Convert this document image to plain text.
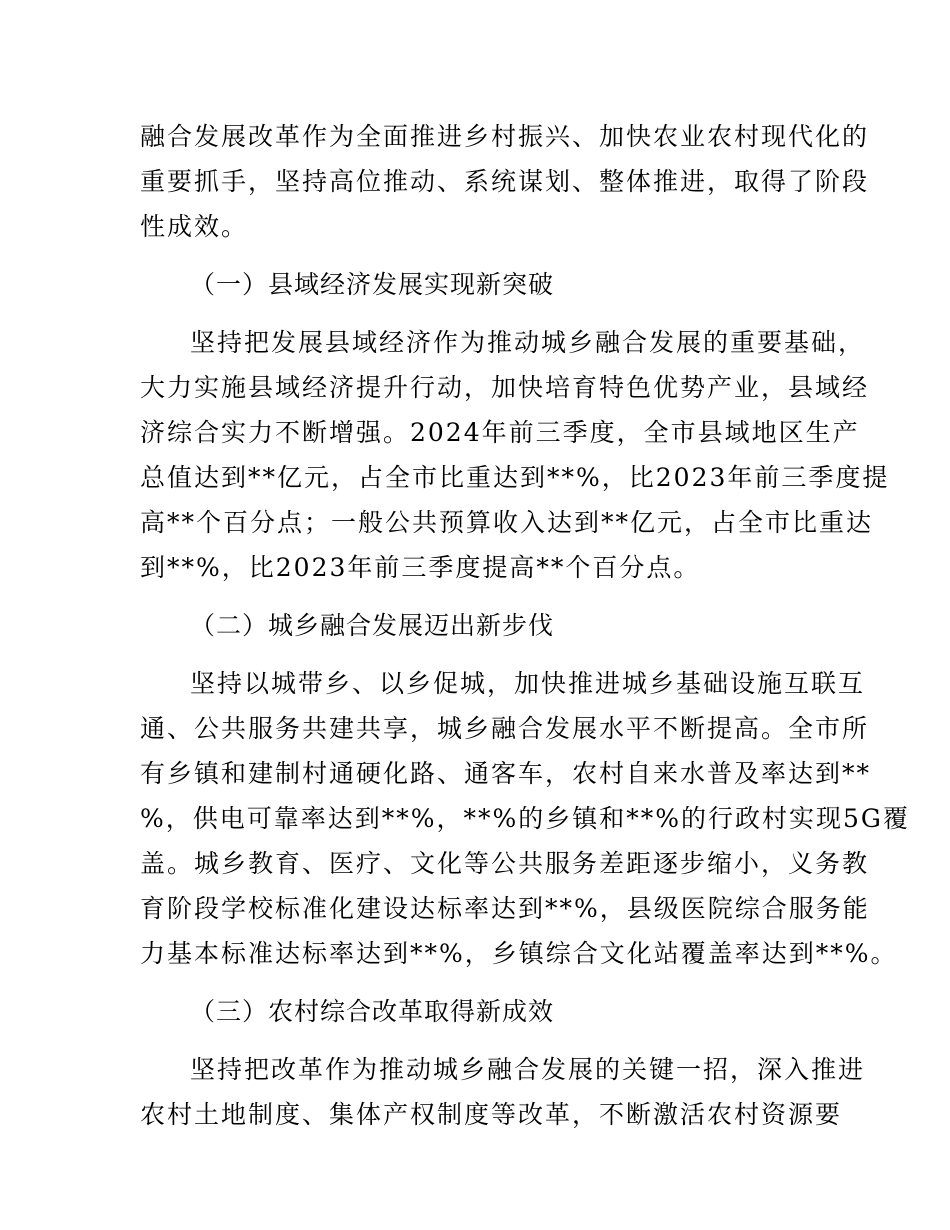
融合发展改革作为全面推进乡村振兴、加快农业农村现代化的
重要抓手，坚持高位推动、系统谋划、整体推进，取得了阶段
性成效。
（一）县域经济发展实现新突破
坚持把发展县域经济作为推动城乡融合发展的重要基础，
大力实施县域经济提升行动，加快培育特色优势产业，县域经
济综合实力不断增强。2024年前三季度，全市县域地区生产
总值达到**亿元，占全市比重达到**%，比2023年前三季度提
高**个百分点；一般公共预算收入达到**亿元，占全市比重达
到**%，比2023年前三季度提高**个百分点。
（二）城乡融合发展迈出新步伐
坚持以城带乡、以乡促城，加快推进城乡基础设施互联互
通、公共服务共建共享，城乡融合发展水平不断提高。全市所
有乡镇和建制村通硬化路、通客车，农村自来水普及率达到**
%，供电可靠率达到**%，**%的乡镇和**%的行政村实现5G覆
盖。城乡教育、医疗、文化等公共服务差距逐步缩小，义务教
育阶段学校标准化建设达标率达到**%，县级医院综合服务能
力基本标准达标率达到**%，乡镇综合文化站覆盖率达到**%。
（三）农村综合改革取得新成效
坚持把改革作为推动城乡融合发展的关键一招，深入推进
农村土地制度、集体产权制度等改革，不断激活农村资源要
